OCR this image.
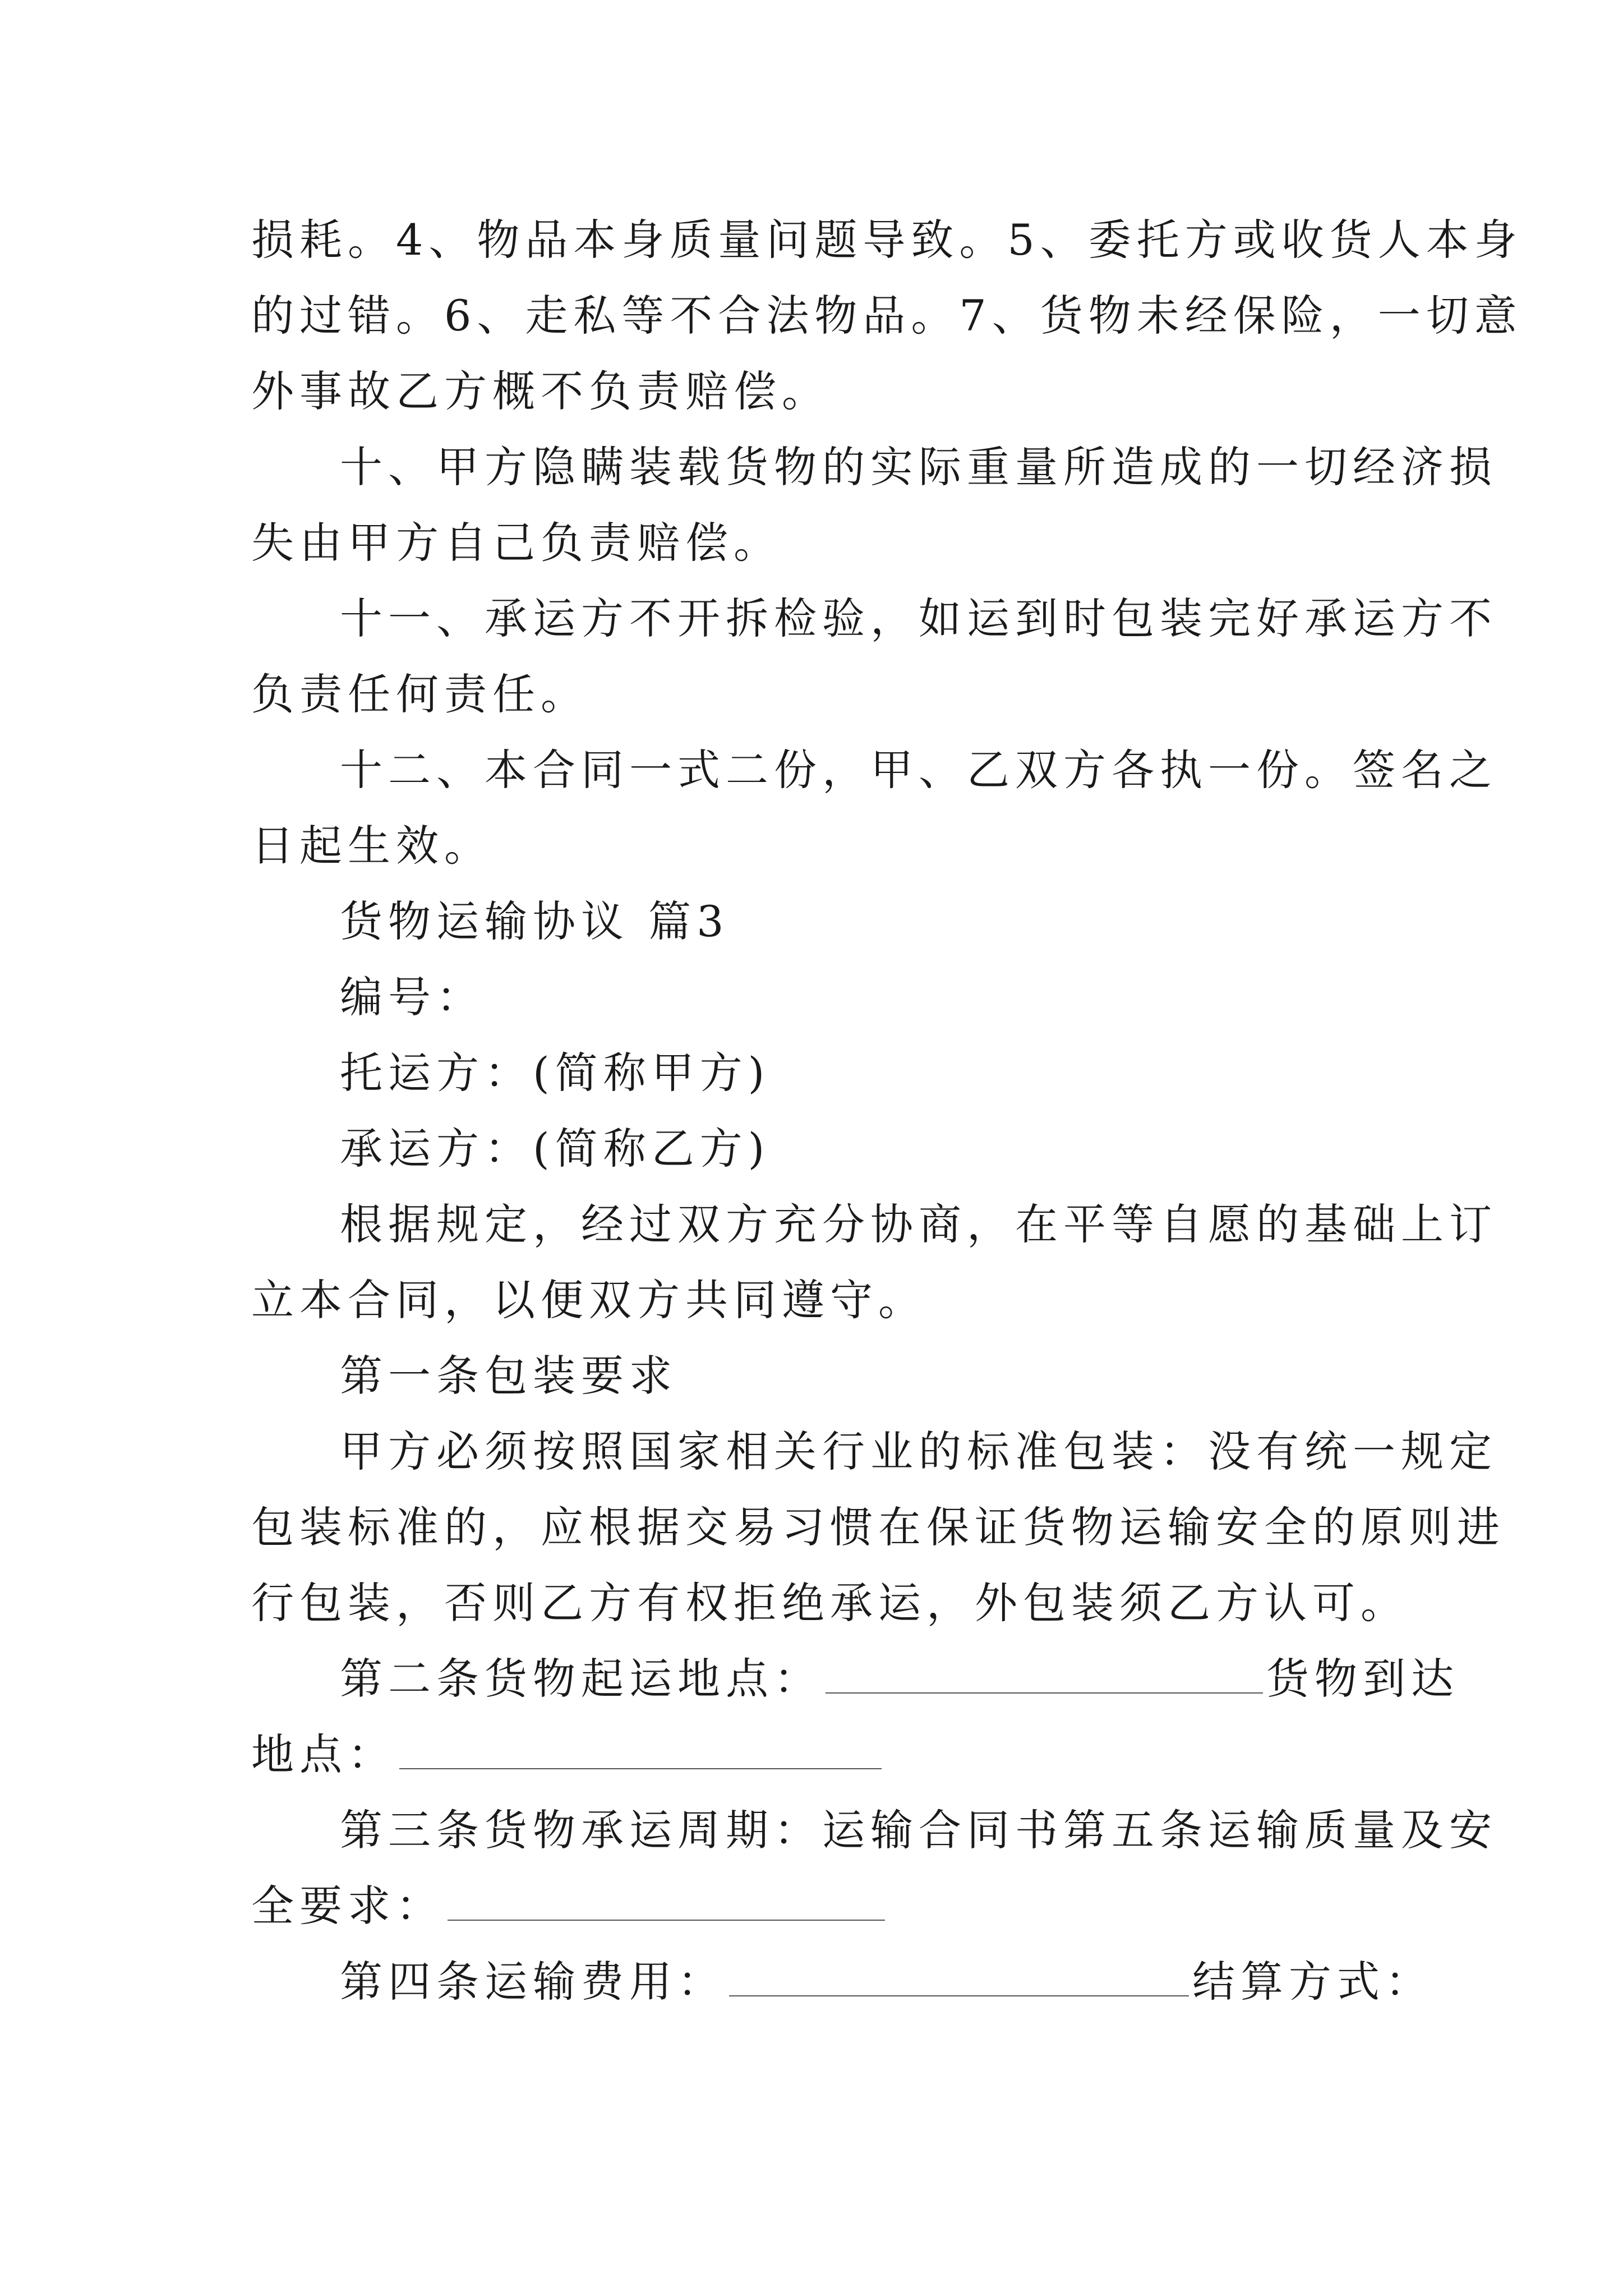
损耗。4、物品本身质量问题导致。5、委托方或收货人本身
的过错。6、走私等不合法物品。7、货物未经保险，一切意
外事故乙方概不负责赔偿。
十、甲方隐瞒装载货物的实际重量所造成的一切经济损
失由甲方自己负责赔偿。
十一、承运方不开拆检验，如运到时包装完好承运方不
负责任何责任。
十二、本合同一式二份，甲、乙双方各执一份。签名之
日起生效。
货物运输协议 篇3
编号：
托运方：(简称甲方)
承运方：(简称乙方)
根据规定，经过双方充分协商，在平等自愿的基础上订
立本合同，以便双方共同遵守。
第一条包装要求
甲方必须按照国家相关行业的标准包装：没有统一规定
包装标准的，应根据交易习惯在保证货物运输安全的原则进
行包装，否则乙方有权拒绝承运，外包装须乙方认可。
第二条货物起运地点：	货物到达
地点：
第三条货物承运周期：运输合同书第五条运输质量及安
全要求：
第四条运输费用：	结算方式：
